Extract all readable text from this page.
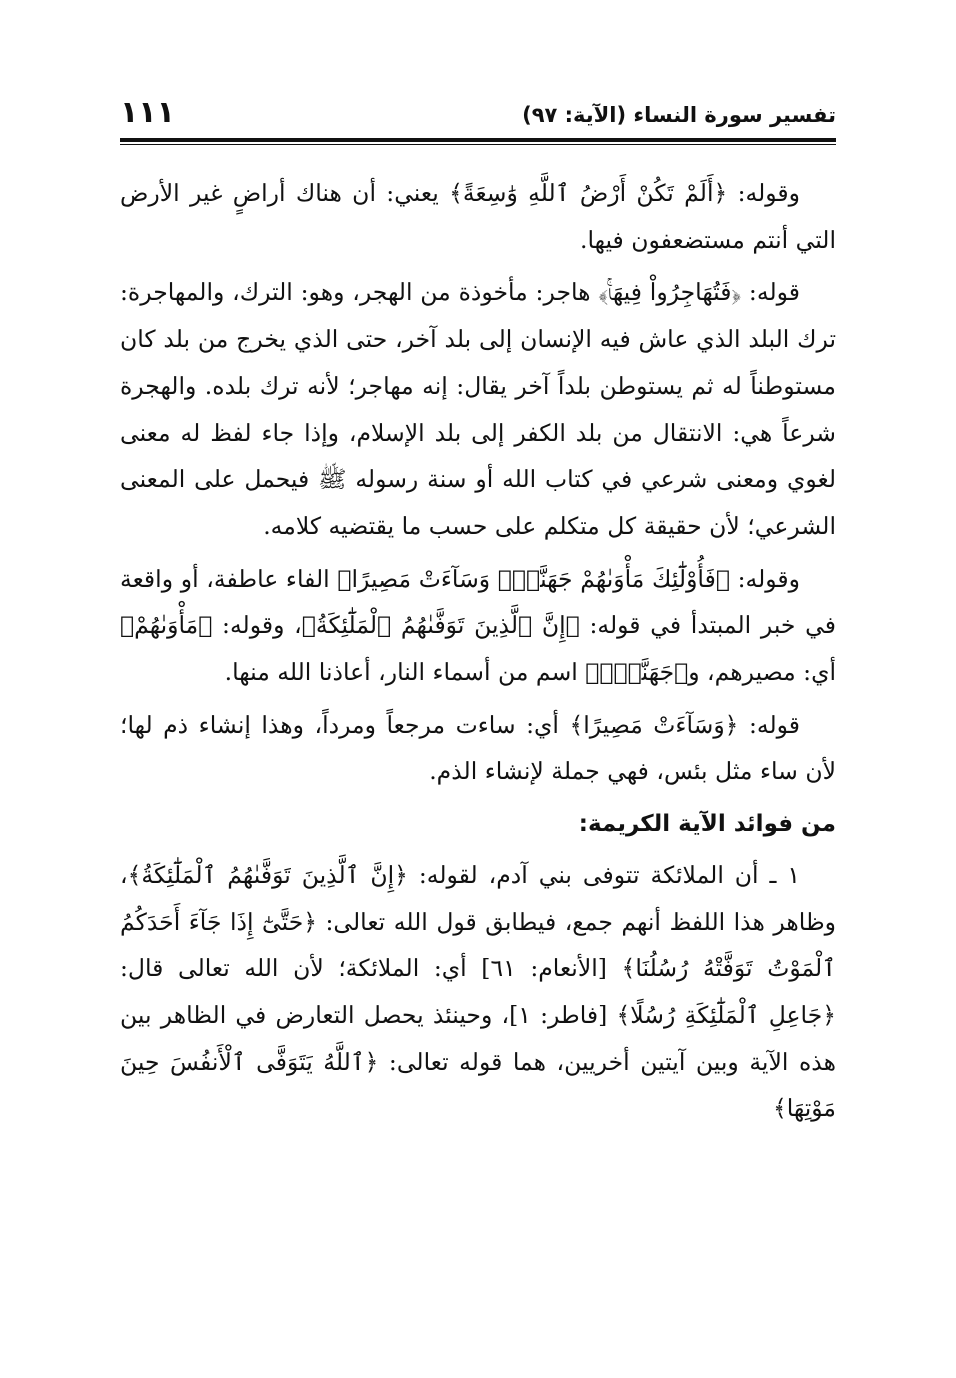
تفسير سورة النساء (الآية: ٩٧)
١١١

وقوله: ﴿أَلَمْ تَكُنْ أَرْضُ ٱللَّهِ وَٰسِعَةً﴾ يعني: أن هناك أراضٍ غير الأرض التي أنتم مستضعفون فيها.

قوله: ﴿فَتُهَاجِرُواْ فِيهَاۚ﴾ هاجر: مأخوذة من الهجر، وهو: الترك، والمهاجرة: ترك البلد الذي عاش فيه الإنسان إلى بلد آخر، حتى الذي يخرج من بلد كان مستوطناً له ثم يستوطن بلداً آخر يقال: إنه مهاجر؛ لأنه ترك بلده. والهجرة شرعاً هي: الانتقال من بلد الكفر إلى بلد الإسلام، وإذا جاء لفظ له معنى لغوي ومعنى شرعي في كتاب الله أو سنة رسوله ﷺ فيحمل على المعنى الشرعي؛ لأن حقيقة كل متكلم على حسب ما يقتضيه كلامه.

وقوله: ﴿فَأُوْلَٰٓئِكَ مَأْوَىٰهُمْ جَهَنَّمُۖ وَسَآءَتْ مَصِيرًا﴾ الفاء عاطفة، أو واقعة في خبر المبتدأ في قوله: ﴿إِنَّ ٱلَّذِينَ تَوَفَّىٰهُمُ ٱلْمَلَٰٓئِكَةُ﴾، وقوله: ﴿مَأْوَىٰهُمْ﴾ أي: مصيرهم، و﴿جَهَنَّمُۖ﴾ اسم من أسماء النار، أعاذنا الله منها.

قوله: ﴿وَسَآءَتْ مَصِيرًا﴾ أي: ساءت مرجعاً ومرداً، وهذا إنشاء ذم لها؛ لأن ساء مثل بئس، فهي جملة لإنشاء الذم.

من فوائد الآية الكريمة:

١ ـ أن الملائكة تتوفى بني آدم، لقوله: ﴿إِنَّ ٱلَّذِينَ تَوَفَّىٰهُمُ ٱلْمَلَٰٓئِكَةُ﴾، وظاهر هذا اللفظ أنهم جمع، فيطابق قول الله تعالى: ﴿حَتَّىٰٓ إِذَا جَآءَ أَحَدَكُمُ ٱلْمَوْتُ تَوَفَّتْهُ رُسُلُنَا﴾ [الأنعام: ٦١] أي: الملائكة؛ لأن الله تعالى قال: ﴿جَاعِلِ ٱلْمَلَٰٓئِكَةِ رُسُلًا﴾ [فاطر: ١]، وحينئذ يحصل التعارض في الظاهر بين هذه الآية وبين آيتين أخريين، هما قوله تعالى: ﴿ٱللَّهُ يَتَوَفَّى ٱلْأَنفُسَ حِينَ مَوْتِهَا﴾
